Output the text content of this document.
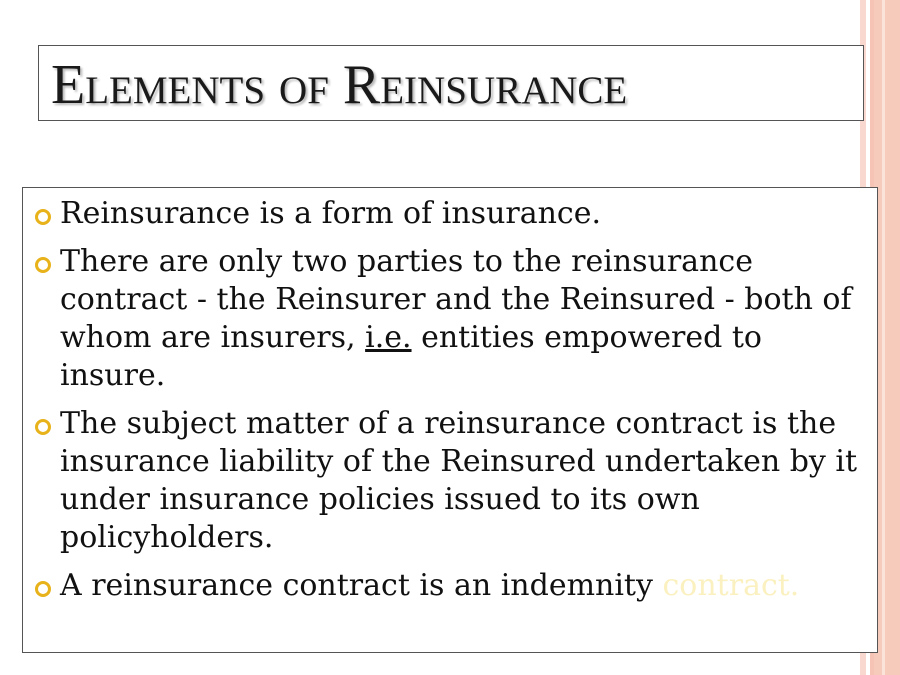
Elements of Reinsurance
Reinsurance is a form of insurance.
There are only two parties to the reinsurance contract - the Reinsurer and the Reinsured - both of whom are insurers, i.e. entities empowered to insure.
The subject matter of a reinsurance contract is the insurance liability of the Reinsured undertaken by it under insurance policies issued to its own policyholders.
A reinsurance contract is an indemnity contract.
